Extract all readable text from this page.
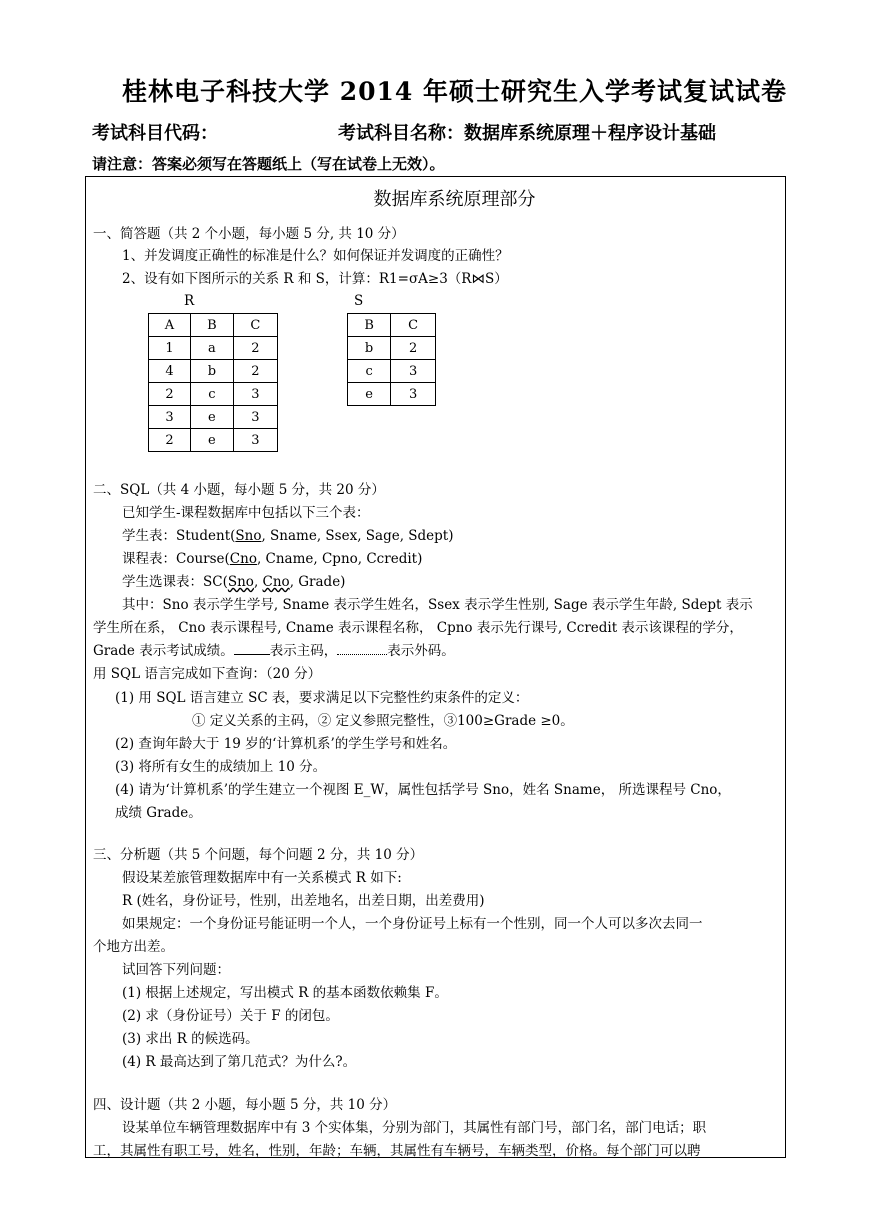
桂林电子科技大学 2014 年硕士研究生入学考试复试试卷
考试科目代码：	考试科目名称：数据库系统原理＋程序设计基础
请注意：答案必须写在答题纸上（写在试卷上无效）。
数据库系统原理部分
一、简答题（共 2 个小题，每小题 5 分, 共 10 分）
1、并发调度正确性的标准是什么？如何保证并发调度的正确性？
2、设有如下图所示的关系 R 和 S，计算：R1=σA≥3（R⋈S）
R	S
A	B	C
1	a	2
4	b	2
2	c	3
3	e	3
2	e	3
B	C
b	2
c	3
e	3
二、SQL（共 4 小题，每小题 5 分，共 20 分）
已知学生-课程数据库中包括以下三个表：
学生表：Student(Sno, Sname, Ssex, Sage, Sdept)
课程表：Course(Cno, Cname, Cpno, Ccredit)
学生选课表：SC(Sno, Cno, Grade)
其中：Sno 表示学生学号, Sname 表示学生姓名，Ssex 表示学生性别, Sage 表示学生年龄, Sdept 表示
学生所在系， Cno 表示课程号, Cname 表示课程名称， Cpno 表示先行课号, Ccredit 表示该课程的学分，
Grade 表示考试成绩。	表示主码，	表示外码。
用 SQL 语言完成如下查询：（20 分）
(1) 用 SQL 语言建立 SC 表，要求满足以下完整性约束条件的定义：
① 定义关系的主码，② 定义参照完整性，③100≥Grade ≥0。
(2) 查询年龄大于 19 岁的‘计算机系’的学生学号和姓名。
(3) 将所有女生的成绩加上 10 分。
(4) 请为‘计算机系’的学生建立一个视图 E_W，属性包括学号 Sno，姓名 Sname， 所选课程号 Cno，
成绩 Grade。
三、分析题（共 5 个问题，每个问题 2 分，共 10 分）
假设某差旅管理数据库中有一关系模式 R 如下:
R (姓名，身份证号，性别，出差地名，出差日期，出差费用)
如果规定：一个身份证号能证明一个人，一个身份证号上标有一个性别，同一个人可以多次去同一
个地方出差。
试回答下列问题：
(1) 根据上述规定，写出模式 R 的基本函数依赖集 F。
(2) 求（身份证号）关于 F 的闭包。
(3) 求出 R 的候选码。
(4) R 最高达到了第几范式？为什么?。
四、设计题（共 2 小题，每小题 5 分，共 10 分）
设某单位车辆管理数据库中有 3 个实体集，分别为部门，其属性有部门号，部门名，部门电话；职
工，其属性有职工号，姓名，性别，年龄；车辆，其属性有车辆号，车辆类型，价格。每个部门可以聘
